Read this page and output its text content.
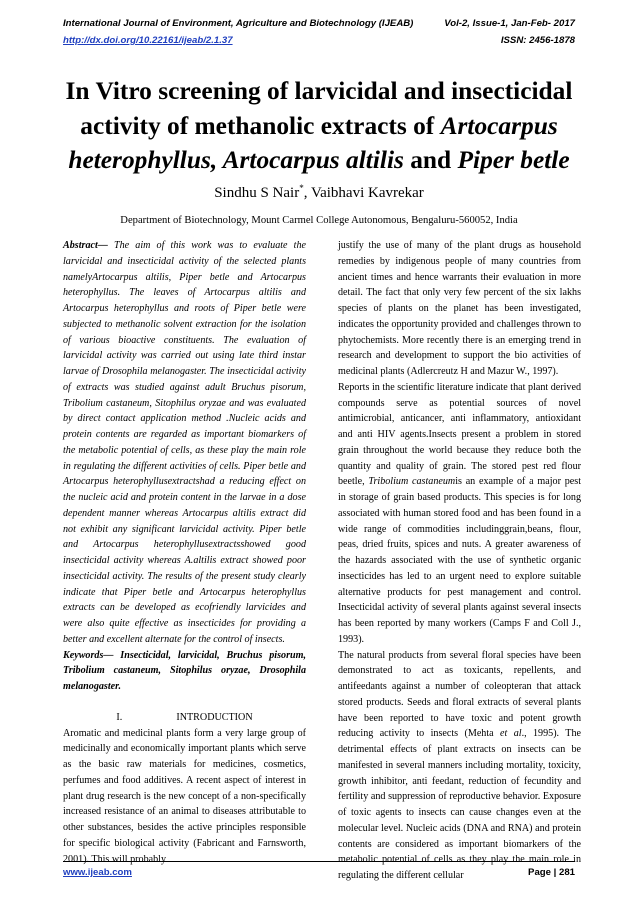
International Journal of Environment, Agriculture and Biotechnology (IJEAB)	Vol-2, Issue-1, Jan-Feb- 2017
http://dx.doi.org/10.22161/ijeab/2.1.37	ISSN: 2456-1878
In Vitro screening of larvicidal and insecticidal activity of methanolic extracts of Artocarpus heterophyllus, Artocarpus altilis and Piper betle
Sindhu S Nair*, Vaibhavi Kavrekar
Department of Biotechnology, Mount Carmel College Autonomous, Bengaluru-560052, India

Abstract— The aim of this work was to evaluate the larvicidal and insecticidal activity of the selected plants namelyArtocarpus altilis, Piper betle and Artocarpus heterophyllus. The leaves of Artocarpus altilis and Artocarpus heterophyllus and roots of Piper betle were subjected to methanolic solvent extraction for the isolation of various bioactive constituents. The evaluation of larvicidal activity was carried out using late third instar larvae of Drosophila melanogaster. The insecticidal activity of extracts was studied against adult Bruchus pisorum, Tribolium castaneum, Sitophilus oryzae and was evaluated by direct contact application method .Nucleic acids and protein contents are regarded as important biomarkers of the metabolic potential of cells, as these play the main role in regulating the different activities of cells. Piper betle and Artocarpus heterophyllusextractshad a reducing effect on the nucleic acid and protein content in the larvae in a dose dependent manner whereas Artocarpus altilis extract did not exhibit any significant larvicidal activity. Piper betle and Artocarpus heterophyllusextractsshowed good insecticidal activity whereas A.altilis extract showed poor insecticidal activity. The results of the present study clearly indicate that Piper betle and Artocarpus heterophyllus extracts can be developed as ecofriendly larvicides and were also quite effective as insecticides for providing a better and excellent alternate for the control of insects.

Keywords— Insecticidal, larvicidal, Bruchus pisorum, Tribolium castaneum, Sitophilus oryzae, Drosophila melanogaster.

I.	INTRODUCTION

Aromatic and medicinal plants form a very large group of medicinally and economically important plants which serve as the basic raw materials for medicines, cosmetics, perfumes and food additives. A recent aspect of interest in plant drug research is the new concept of a non-specifically increased resistance of an animal to diseases attributable to other substances, besides the active principles responsible for specific biological activity (Fabricant and Farnsworth, 2001). This will probably

justify the use of many of the plant drugs as household remedies by indigenous people of many countries from ancient times and hence warrants their evaluation in more detail. The fact that only very few percent of the six lakhs species of plants on the planet has been investigated, indicates the opportunity provided and challenges thrown to phytochemists. More recently there is an emerging trend in research and development to support the bio activities of medicinal plants (Adlercreutz H and Mazur W., 1997).

Reports in the scientific literature indicate that plant derived compounds serve as potential sources of novel antimicrobial, anticancer, anti inflammatory, antioxidant and anti HIV agents.Insects present a problem in stored grain throughout the world because they reduce both the quantity and quality of grain. The stored pest red flour beetle, Tribolium castaneumis an example of a major pest in storage of grain based products. This species is for long associated with human stored food and has been found in a wide range of commodities includinggrain,beans, flour, peas, dried fruits, spices and nuts. A greater awareness of the hazards associated with the use of synthetic organic insecticides has led to an urgent need to explore suitable alternative products for pest management and control. Insecticidal activity of several plants against several insects has been reported by many workers (Camps F and Coll J., 1993).

The natural products from several floral species have been demonstrated to act as toxicants, repellents, and antifeedants against a number of coleopteran that attack stored products. Seeds and floral extracts of several plants have been reported to have toxic and potent growth reducing activity to insects (Mehta et al., 1995). The detrimental effects of plant extracts on insects can be manifested in several manners including mortality, toxicity, growth inhibitor, anti feedant, reduction of fecundity and fertility and suppression of reproductive behavior. Exposure of toxic agents to insects can cause changes even at the molecular level. Nucleic acids (DNA and RNA) and protein contents are considered as important biomarkers of the metabolic potential of cells as they play the main role in regulating the different cellular

www.ijeab.com	Page | 281
